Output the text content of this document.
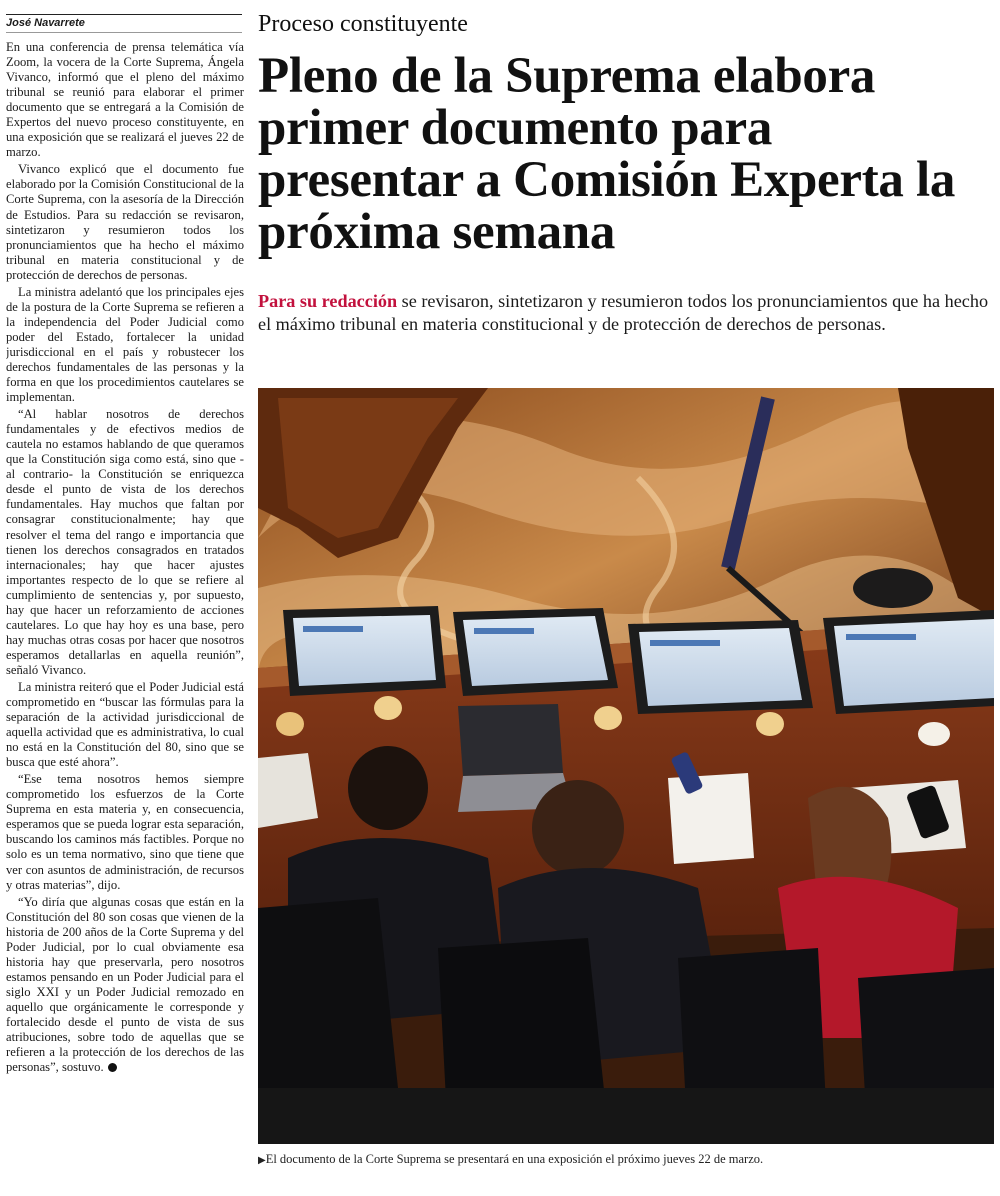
José Navarrete

En una conferencia de prensa telemática vía Zoom, la vocera de la Corte Suprema, Ángela Vivanco, informó que el pleno del máximo tribunal se reunió para elaborar el primer documento que se entregará a la Comisión de Expertos del nuevo proceso constituyente, en una exposición que se realizará el jueves 22 de marzo.

Vivanco explicó que el documento fue elaborado por la Comisión Constitucional de la Corte Suprema, con la asesoría de la Dirección de Estudios. Para su redacción se revisaron, sintetizaron y resumieron todos los pronunciamientos que ha hecho el máximo tribunal en materia constitucional y de protección de derechos de personas.

La ministra adelantó que los principales ejes de la postura de la Corte Suprema se refieren a la independencia del Poder Judicial como poder del Estado, fortalecer la unidad jurisdiccional en el país y robustecer los derechos fundamentales de las personas y la forma en que los procedimientos cautelares se implementan.

“Al hablar nosotros de derechos fundamentales y de efectivos medios de cautela no estamos hablando de que queramos que la Constitución siga como está, sino que -al contrario- la Constitución se enriquezca desde el punto de vista de los derechos fundamentales. Hay muchos que faltan por consagrar constitucionalmente; hay que resolver el tema del rango e importancia que tienen los derechos consagrados en tratados internacionales; hay que hacer ajustes importantes respecto de lo que se refiere al cumplimiento de sentencias y, por supuesto, hay que hacer un reforzamiento de acciones cautelares. Lo que hay hoy es una base, pero hay muchas otras cosas por hacer que nosotros esperamos detallarlas en aquella reunión”, señaló Vivanco.

La ministra reiteró que el Poder Judicial está comprometido en “buscar las fórmulas para la separación de la actividad jurisdiccional de aquella actividad que es administrativa, lo cual no está en la Constitución del 80, sino que se busca que esté ahora”.

“Ese tema nosotros hemos siempre comprometido los esfuerzos de la Corte Suprema en esta materia y, en consecuencia, esperamos que se pueda lograr esta separación, buscando los caminos más factibles. Porque no solo es un tema normativo, sino que tiene que ver con asuntos de administración, de recursos y otras materias”, dijo.

“Yo diría que algunas cosas que están en la Constitución del 80 son cosas que vienen de la historia de 200 años de la Corte Suprema y del Poder Judicial, por lo cual obviamente esa historia hay que preservarla, pero nosotros estamos pensando en un Poder Judicial para el siglo XXI y un Poder Judicial remozado en aquello que orgánicamente le corresponde y fortalecido desde el punto de vista de sus atribuciones, sobre todo de aquellas que se refieren a la protección de los derechos de las personas”, sostuvo.

Proceso constituyente
Pleno de la Suprema elabora primer documento para presentar a Comisión Experta la próxima semana
Para su redacción se revisaron, sintetizaron y resumieron todos los pronunciamientos que ha hecho el máximo tribunal en materia constitucional y de protección de derechos de personas.
▶El documento de la Corte Suprema se presentará en una exposición el próximo jueves 22 de marzo.
